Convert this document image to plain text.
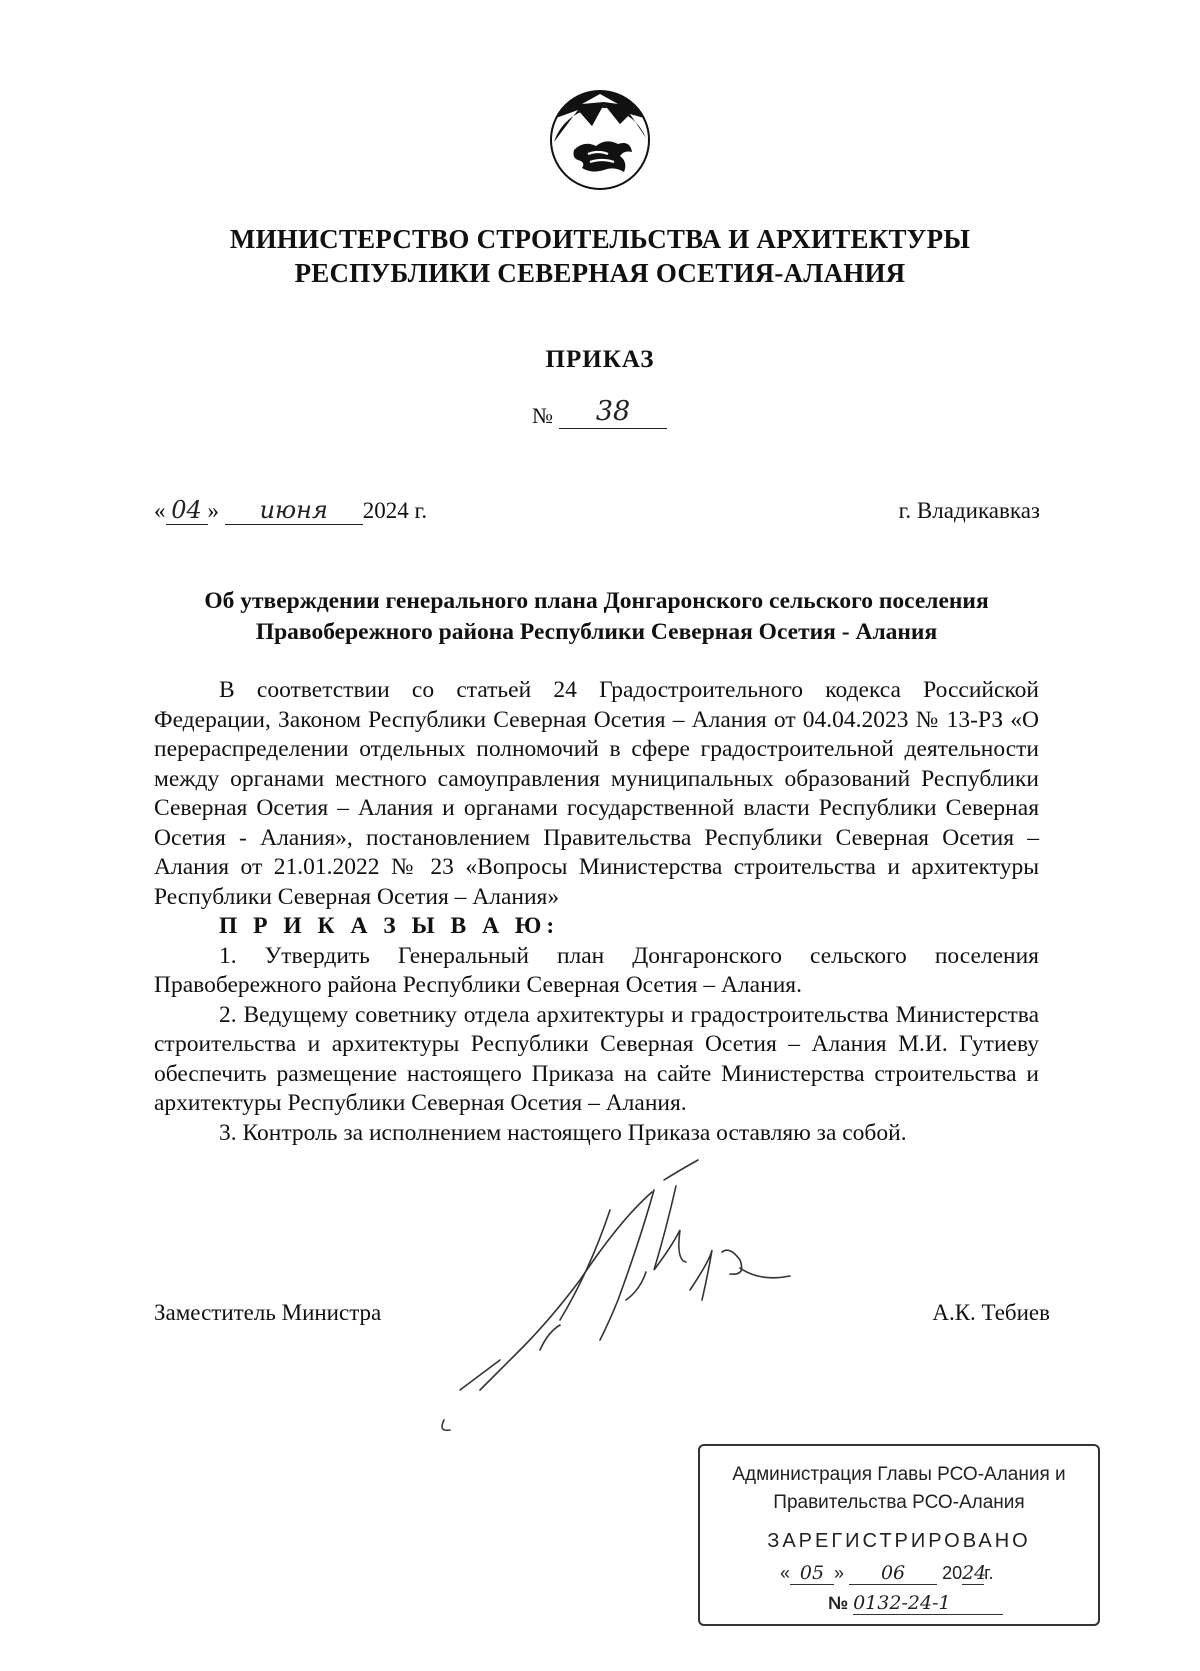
МИНИСТЕРСТВО СТРОИТЕЛЬСТВА И АРХИТЕКТУРЫ
РЕСПУБЛИКИ СЕВЕРНАЯ ОСЕТИЯ-АЛАНИЯ
ПРИКАЗ
№ 38
« 04 » июня 2024 г.	г. Владикавказ
Об утверждении генерального плана Донгаронского сельского поселения
Правобережного района Республики Северная Осетия - Алания

В соответствии со статьей 24 Градостроительного кодекса Российской Федерации, Законом Республики Северная Осетия – Алания от 04.04.2023 № 13-РЗ «О перераспределении отдельных полномочий в сфере градостроительной деятельности между органами местного самоуправления муниципальных образований Республики Северная Осетия – Алания и органами государственной власти Республики Северная Осетия - Алания», постановлением Правительства Республики Северная Осетия – Алания от 21.01.2022 № 23 «Вопросы Министерства строительства и архитектуры Республики Северная Осетия – Алания»

П Р И К А З Ы В А Ю:

1. Утвердить Генеральный план Донгаронского сельского поселения Правобережного района Республики Северная Осетия – Алания.

2. Ведущему советнику отдела архитектуры и градостроительства Министерства строительства и архитектуры Республики Северная Осетия – Алания М.И. Гутиеву обеспечить размещение настоящего Приказа на сайте Министерства строительства и архитектуры Республики Северная Осетия – Алания.

3. Контроль за исполнением настоящего Приказа оставляю за собой.

Заместитель Министра	А.К. Тебиев
Администрация Главы РСО-Алания и
Правительства РСО-Алания
ЗАРЕГИСТРИРОВАНО
« 05 » 06 2024г.
№ 0132-24-1
